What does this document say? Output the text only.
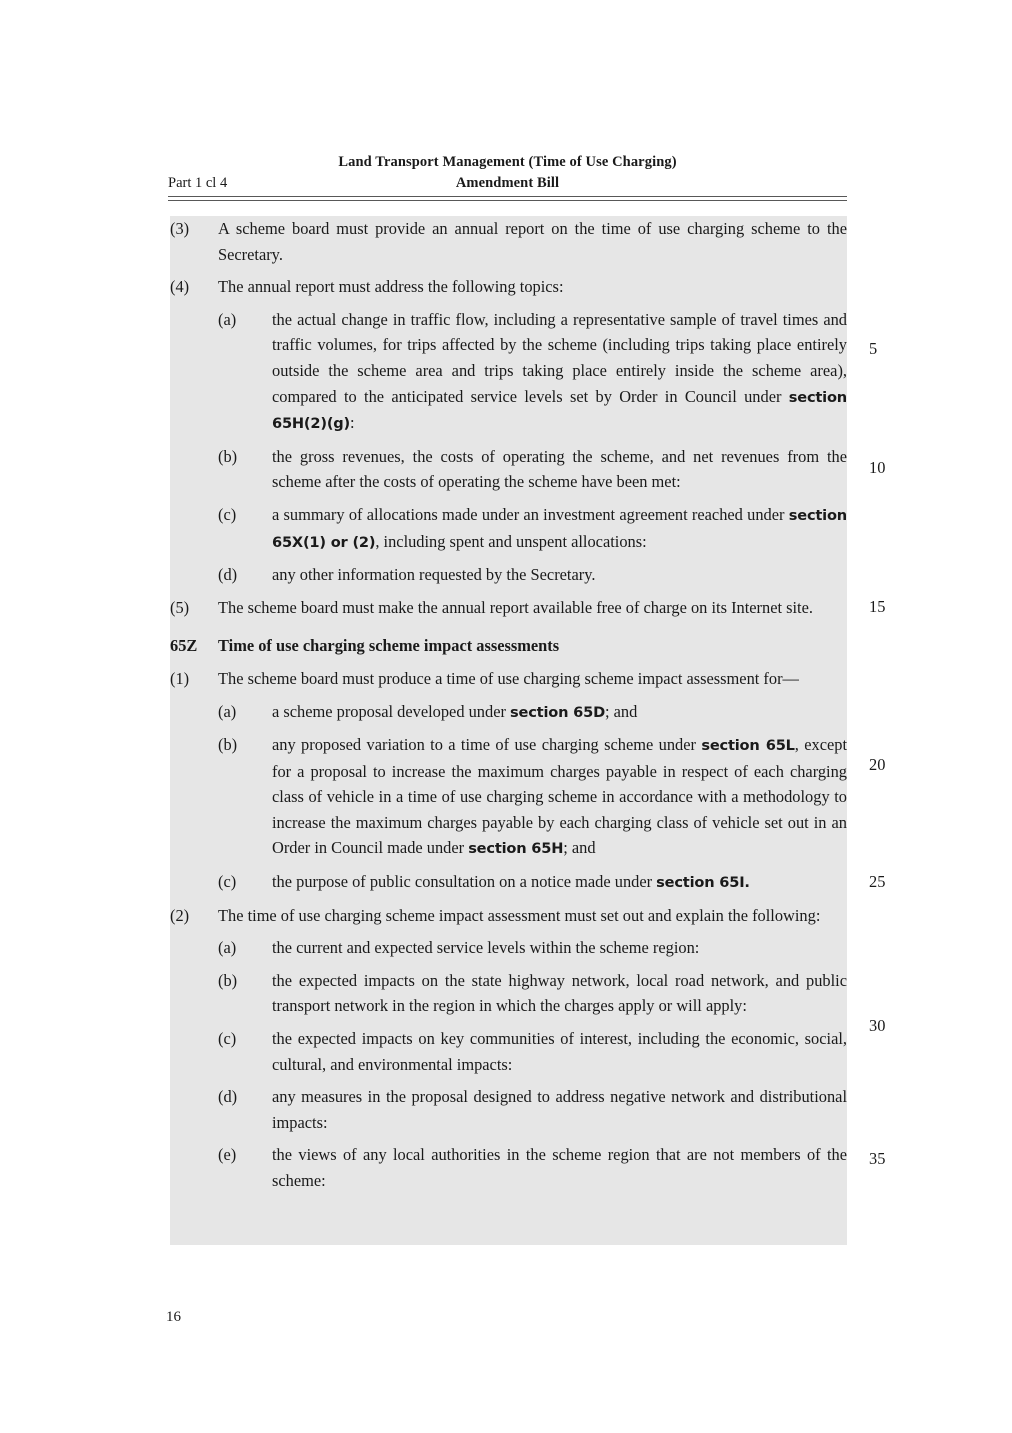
Land Transport Management (Time of Use Charging)
Amendment Bill
Part 1 cl 4
(3)	A scheme board must provide an annual report on the time of use charging scheme to the Secretary.
(4)	The annual report must address the following topics:
(a)	the actual change in traffic flow, including a representative sample of travel times and traffic volumes, for trips affected by the scheme (including trips taking place entirely outside the scheme area and trips taking place entirely inside the scheme area), compared to the anticipated service levels set by Order in Council under section 65H(2)(g):
(b)	the gross revenues, the costs of operating the scheme, and net revenues from the scheme after the costs of operating the scheme have been met:
(c)	a summary of allocations made under an investment agreement reached under section 65X(1) or (2), including spent and unspent allocations:
(d)	any other information requested by the Secretary.
(5)	The scheme board must make the annual report available free of charge on its Internet site.
65Z	Time of use charging scheme impact assessments
(1)	The scheme board must produce a time of use charging scheme impact assessment for—
(a)	a scheme proposal developed under section 65D; and
(b)	any proposed variation to a time of use charging scheme under section 65L, except for a proposal to increase the maximum charges payable in respect of each charging class of vehicle in a time of use charging scheme in accordance with a methodology to increase the maximum charges payable by each charging class of vehicle set out in an Order in Council made under section 65H; and
(c)	the purpose of public consultation on a notice made under section 65I.
(2)	The time of use charging scheme impact assessment must set out and explain the following:
(a)	the current and expected service levels within the scheme region:
(b)	the expected impacts on the state highway network, local road network, and public transport network in the region in which the charges apply or will apply:
(c)	the expected impacts on key communities of interest, including the economic, social, cultural, and environmental impacts:
(d)	any measures in the proposal designed to address negative network and distributional impacts:
(e)	the views of any local authorities in the scheme region that are not members of the scheme:
5
10
15
20
25
30
35
16
